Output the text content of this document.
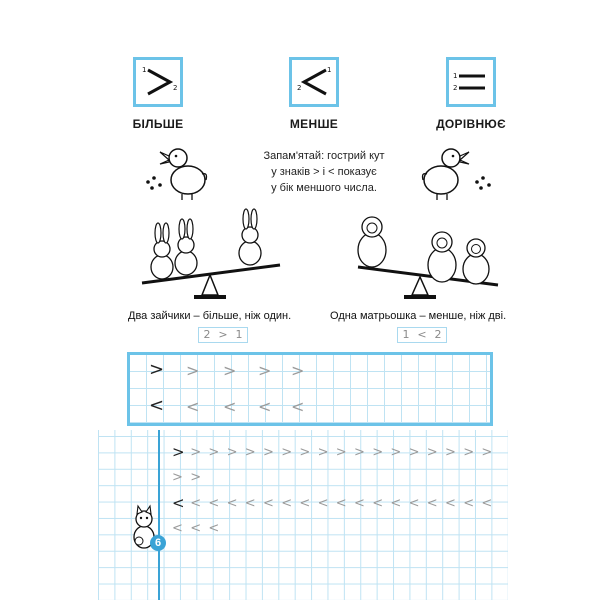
1
2
БІЛЬШЕ
1
2
МЕНШЕ
1
2
ДОРІВНЮЄ
Запам'ятай: гострий кут
у знаків > і < показує
у бік меншого числа.
Два зайчики – більше, ніж один.
2 > 1
Одна матрьошка – менше, ніж дві.
1 < 2
> > > > >
< < < < <
> > > > > > > > > > > > > > > > > >
> >
< < < < < < < < < < < < < < < < < <
< < <
6
